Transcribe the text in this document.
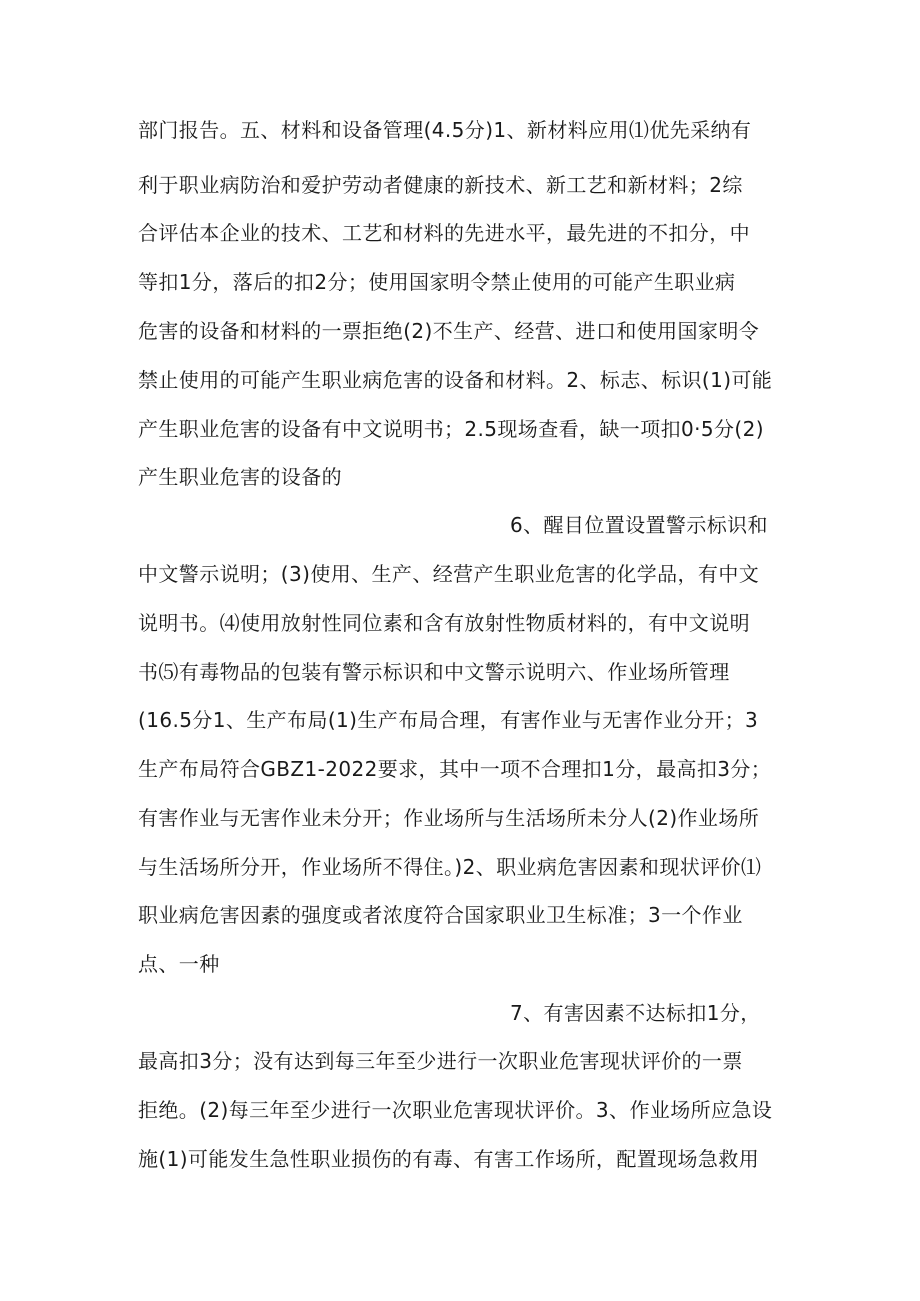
部门报告。五、材料和设备管理(4.5分)1、新材料应用⑴优先采纳有
利于职业病防治和爱护劳动者健康的新技术、新工艺和新材料；2综
合评估本企业的技术、工艺和材料的先进水平，最先进的不扣分，中
等扣1分，落后的扣2分；使用国家明令禁止使用的可能产生职业病
危害的设备和材料的一票拒绝(2)不生产、经营、进口和使用国家明令
禁止使用的可能产生职业病危害的设备和材料。2、标志、标识(1)可能
产生职业危害的设备有中文说明书；2.5现场查看，缺一项扣0·5分(2)
产生职业危害的设备的
6、醒目位置设置警示标识和
中文警示说明；(3)使用、生产、经营产生职业危害的化学品，有中文
说明书。⑷使用放射性同位素和含有放射性物质材料的，有中文说明
书⑸有毒物品的包装有警示标识和中文警示说明六、作业场所管理
(16.5分1、生产布局(1)生产布局合理，有害作业与无害作业分开；3
生产布局符合GBZ1-2022要求，其中一项不合理扣1分，最高扣3分；
有害作业与无害作业未分开；作业场所与生活场所未分人(2)作业场所
与生活场所分开，作业场所不得住。)2、职业病危害因素和现状评价⑴
职业病危害因素的强度或者浓度符合国家职业卫生标准；3一个作业
点、一种
7、有害因素不达标扣1分，
最高扣3分；没有达到每三年至少进行一次职业危害现状评价的一票
拒绝。(2)每三年至少进行一次职业危害现状评价。3、作业场所应急设
施(1)可能发生急性职业损伤的有毒、有害工作场所，配置现场急救用
